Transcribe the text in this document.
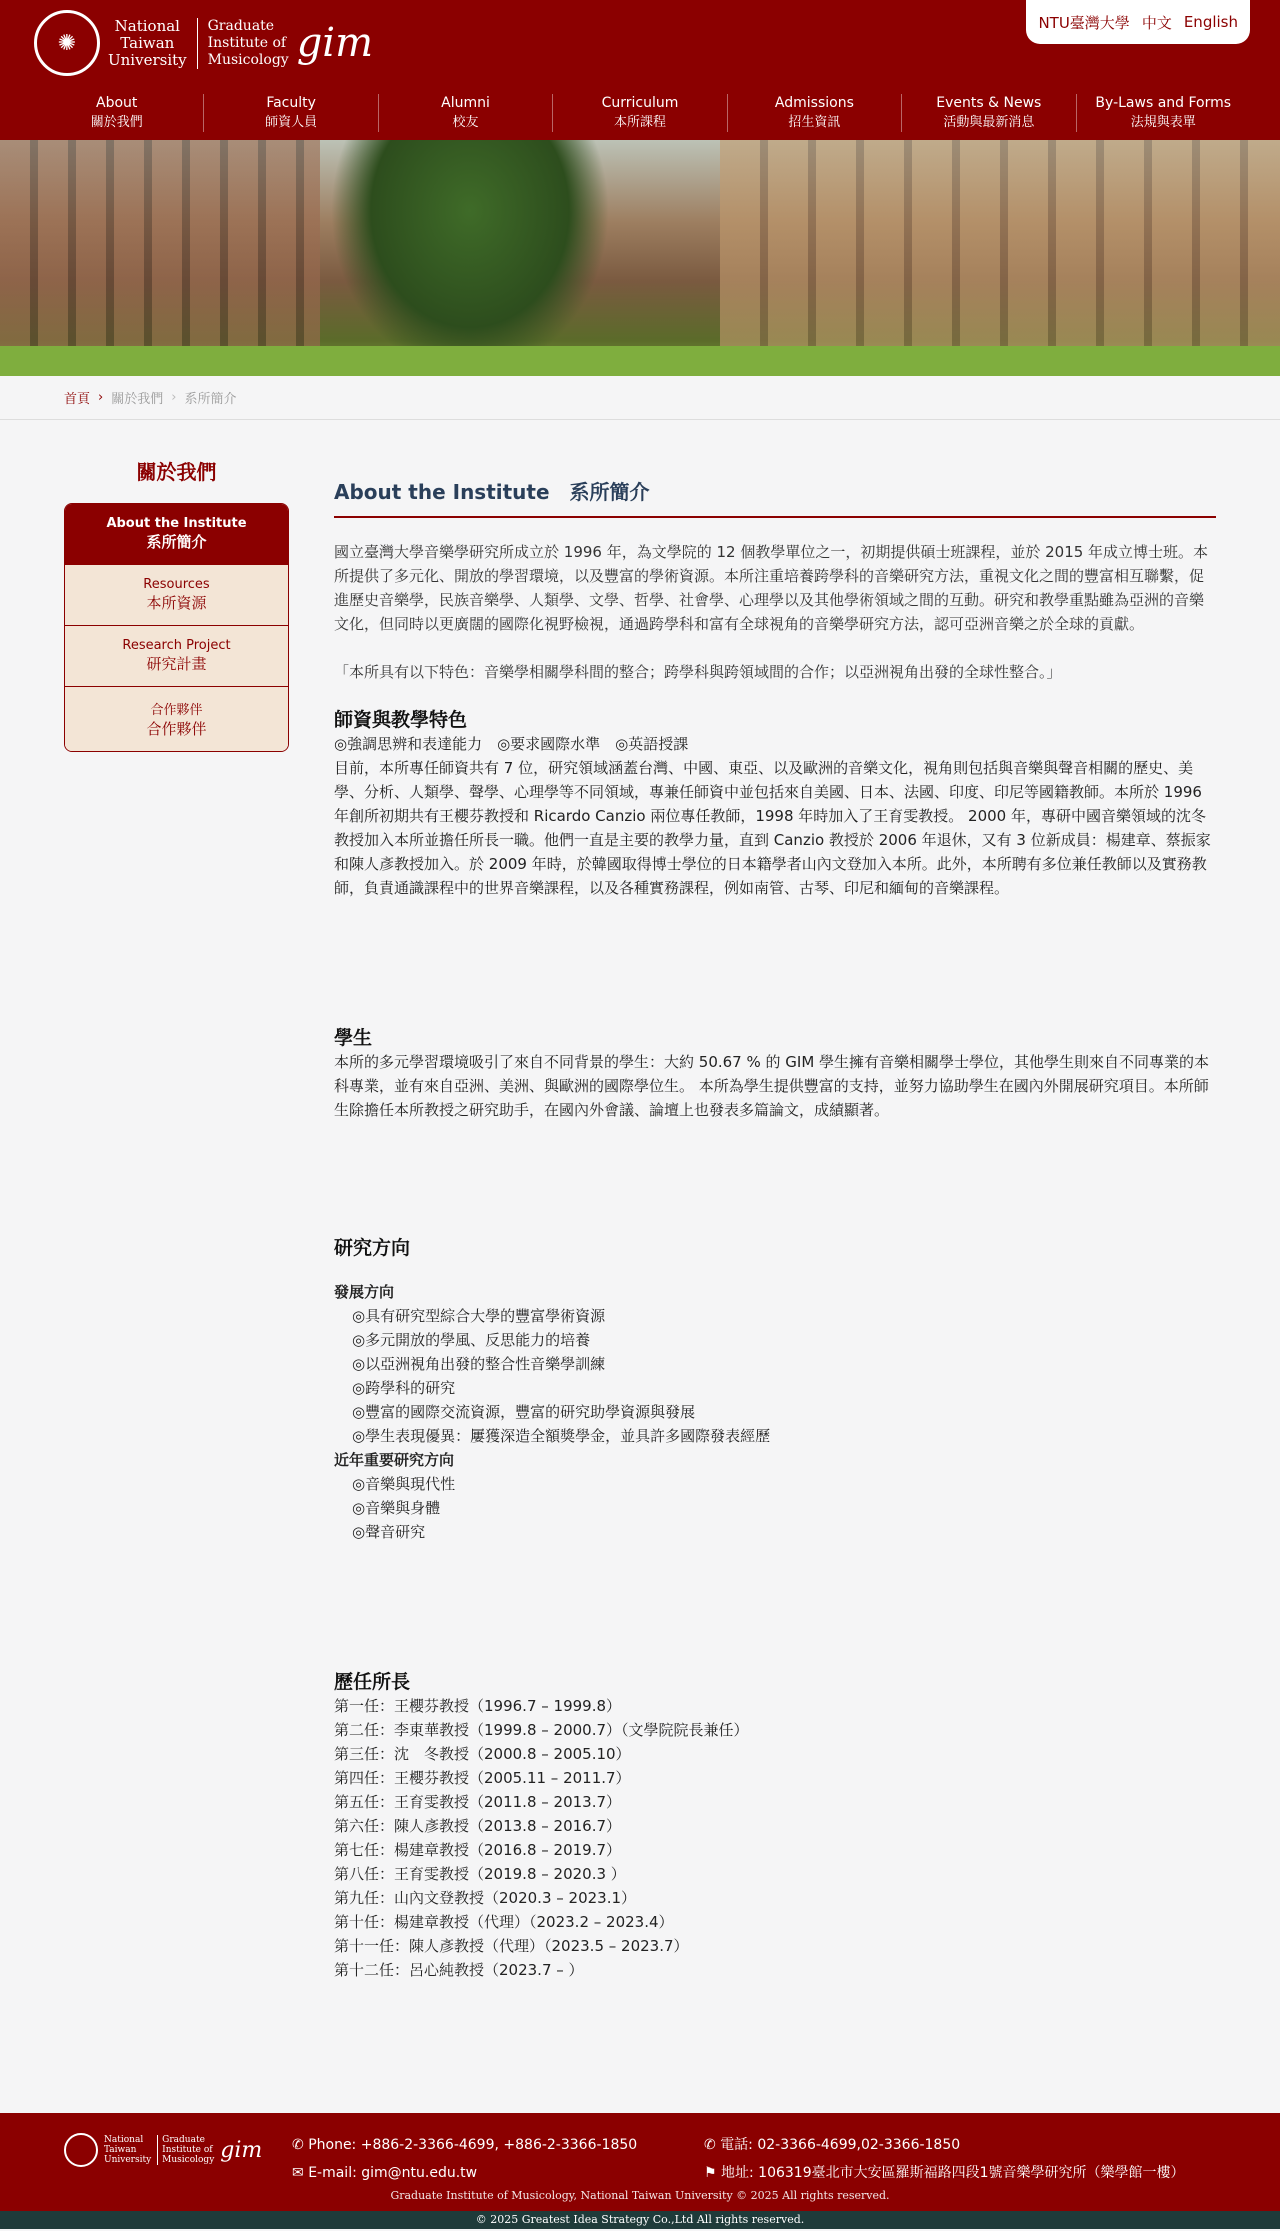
✺
National
Taiwan
University
Graduate
Institute of
Musicology gim	NTU臺灣大學 中文 English
About
關於我們
Faculty
師資人員
Alumni
校友
Curriculum
本所課程
Admissions
招生資訊
Events & News
活動與最新消息
By-Laws and Forms
法規與表單
首頁 › 關於我們 › 系所簡介
關於我們
About the Institute
系所簡介
Resources
本所資源
Research Project
研究計畫
合作夥伴
合作夥伴
About the Institute　系所簡介

國立臺灣大學音樂學研究所成立於 1996 年，為文學院的 12 個教學單位之一，初期提供碩士班課程，並於 2015 年成立博士班。本所提供了多元化、開放的學習環境，以及豐富的學術資源。本所注重培養跨學科的音樂研究方法，重視文化之間的豐富相互聯繫，促進歷史音樂學，民族音樂學、人類學、文學、哲學、社會學、心理學以及其他學術領域之間的互動。研究和教學重點雖為亞洲的音樂文化，但同時以更廣闊的國際化視野檢視，通過跨學科和富有全球視角的音樂學研究方法，認可亞洲音樂之於全球的貢獻。

「本所具有以下特色：音樂學相關學科間的整合；跨學科與跨領域間的合作；以亞洲視角出發的全球性整合。」

師資與教學特色
◎強調思辨和表達能力　◎要求國際水準　◎英語授課

目前，本所專任師資共有 7 位，研究領域涵蓋台灣、中國、東亞、以及歐洲的音樂文化，視角則包括與音樂與聲音相關的歷史、美學、分析、人類學、聲學、心理學等不同領域，專兼任師資中並包括來自美國、日本、法國、印度、印尼等國籍教師。本所於 1996 年創所初期共有王櫻芬教授和 Ricardo Canzio 兩位專任教師，1998 年時加入了王育雯教授。 2000 年，專研中國音樂領域的沈冬教授加入本所並擔任所長一職。他們一直是主要的教學力量，直到 Canzio 教授於 2006 年退休，又有 3 位新成員：楊建章、蔡振家和陳人彥教授加入。於 2009 年時，於韓國取得博士學位的日本籍學者山內文登加入本所。此外，本所聘有多位兼任教師以及實務教師，負責通識課程中的世界音樂課程，以及各種實務課程，例如南管、古琴、印尼和緬甸的音樂課程。

學生

本所的多元學習環境吸引了來自不同背景的學生：大約 50.67 % 的 GIM 學生擁有音樂相關學士學位，其他學生則來自不同專業的本科專業，並有來自亞洲、美洲、與歐洲的國際學位生。 本所為學生提供豐富的支持，並努力協助學生在國內外開展研究項目。本所師生除擔任本所教授之研究助手，在國內外會議、論壇上也發表多篇論文，成績顯著。

研究方向
發展方向
◎具有研究型綜合大學的豐富學術資源
◎多元開放的學風、反思能力的培養
◎以亞洲視角出發的整合性音樂學訓練
◎跨學科的研究
◎豐富的國際交流資源，豐富的研究助學資源與發展
◎學生表現優異：屢獲深造全額獎學金，並具許多國際發表經歷
近年重要研究方向
◎音樂與現代性
◎音樂與身體
◎聲音研究
歷任所長
第一任：王櫻芬教授（1996.7 – 1999.8）
第二任：李東華教授（1999.8 – 2000.7）（文學院院長兼任）
第三任：沈　冬教授（2000.8 – 2005.10）
第四任：王櫻芬教授（2005.11 – 2011.7）
第五任：王育雯教授（2011.8 – 2013.7）
第六任：陳人彥教授（2013.8 – 2016.7）
第七任：楊建章教授（2016.8 – 2019.7）
第八任：王育雯教授（2019.8 – 2020.3 ）
第九任：山內文登教授（2020.3 – 2023.1）
第十任：楊建章教授（代理）（2023.2 – 2023.4）
第十一任：陳人彥教授（代理）（2023.5 – 2023.7）
第十二任：呂心純教授（2023.7 – ）
National
Taiwan
University
Graduate
Institute of
Musicology gim ✆ Phone: +886-2-3366-4699, +886-2-3366-1850
✉ E-mail: gim@ntu.edu.tw
✆ 電話: 02-3366-4699,02-3366-1850
⚑ 地址: 106319臺北市大安區羅斯福路四段1號音樂學研究所（樂學館一樓）
Graduate Institute of Musicology, National Taiwan University © 2025 All rights reserved.
© 2025 Greatest Idea Strategy Co.,Ltd All rights reserved.
